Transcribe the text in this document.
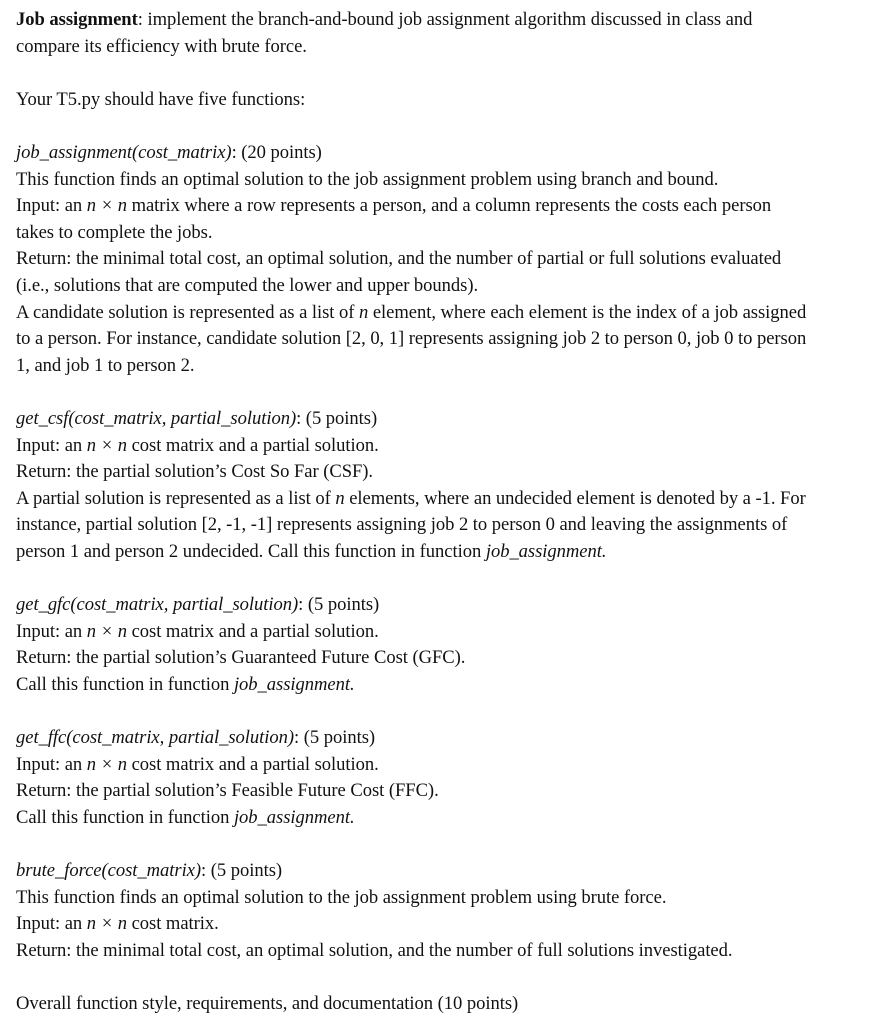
Job assignment: implement the branch-and-bound job assignment algorithm discussed in class and
compare its efficiency with brute force.

Your T5.py should have five functions:

job_assignment(cost_matrix): (20 points)
This function finds an optimal solution to the job assignment problem using branch and bound.
Input: an n × n matrix where a row represents a person, and a column represents the costs each person
takes to complete the jobs.
Return: the minimal total cost, an optimal solution, and the number of partial or full solutions evaluated
(i.e., solutions that are computed the lower and upper bounds).
A candidate solution is represented as a list of n element, where each element is the index of a job assigned
to a person. For instance, candidate solution [2, 0, 1] represents assigning job 2 to person 0, job 0 to person
1, and job 1 to person 2.
get_csf(cost_matrix, partial_solution): (5 points)
Input: an n × n cost matrix and a partial solution.
Return: the partial solution’s Cost So Far (CSF).
A partial solution is represented as a list of n elements, where an undecided element is denoted by a -1. For
instance, partial solution [2, -1, -1] represents assigning job 2 to person 0 and leaving the assignments of
person 1 and person 2 undecided. Call this function in function job_assignment.
get_gfc(cost_matrix, partial_solution): (5 points)
Input: an n × n cost matrix and a partial solution.
Return: the partial solution’s Guaranteed Future Cost (GFC).
Call this function in function job_assignment.
get_ffc(cost_matrix, partial_solution): (5 points)
Input: an n × n cost matrix and a partial solution.
Return: the partial solution’s Feasible Future Cost (FFC).
Call this function in function job_assignment.
brute_force(cost_matrix): (5 points)
This function finds an optimal solution to the job assignment problem using brute force.
Input: an n × n cost matrix.
Return: the minimal total cost, an optimal solution, and the number of full solutions investigated.

Overall function style, requirements, and documentation (10 points)
